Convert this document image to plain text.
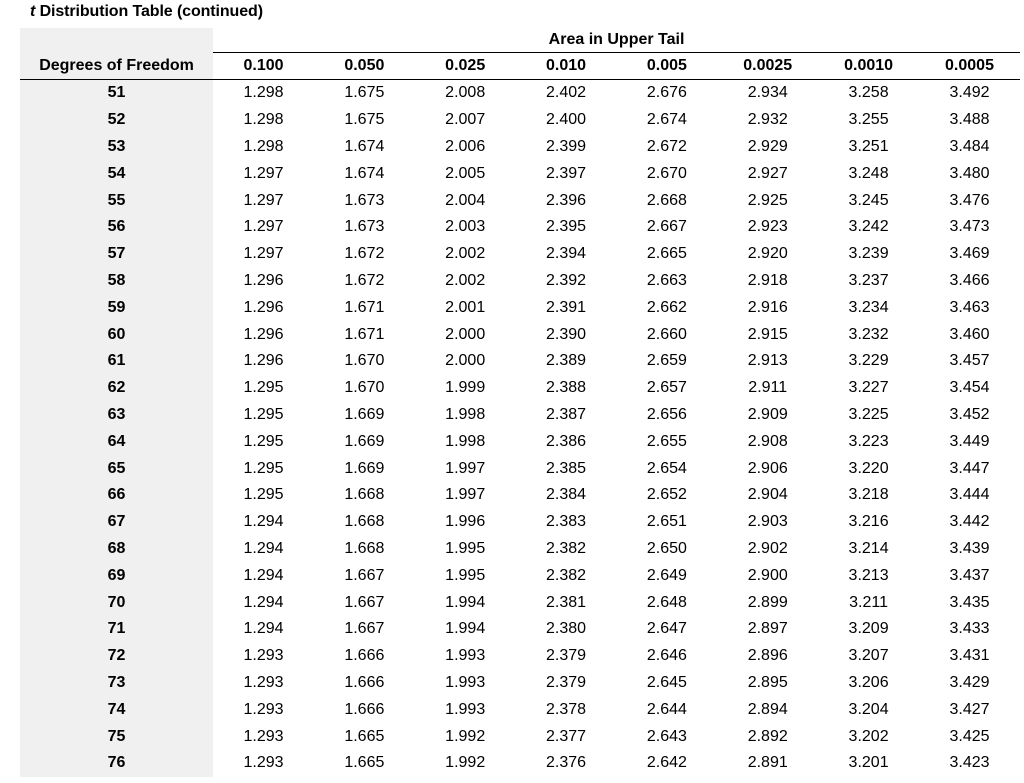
t Distribution Table (continued)
	Area in Upper Tail							
Degrees of Freedom	0.100	0.050	0.025	0.010	0.005	0.0025	0.0010	0.0005
51	1.298	1.675	2.008	2.402	2.676	2.934	3.258	3.492
52	1.298	1.675	2.007	2.400	2.674	2.932	3.255	3.488
53	1.298	1.674	2.006	2.399	2.672	2.929	3.251	3.484
54	1.297	1.674	2.005	2.397	2.670	2.927	3.248	3.480
55	1.297	1.673	2.004	2.396	2.668	2.925	3.245	3.476
56	1.297	1.673	2.003	2.395	2.667	2.923	3.242	3.473
57	1.297	1.672	2.002	2.394	2.665	2.920	3.239	3.469
58	1.296	1.672	2.002	2.392	2.663	2.918	3.237	3.466
59	1.296	1.671	2.001	2.391	2.662	2.916	3.234	3.463
60	1.296	1.671	2.000	2.390	2.660	2.915	3.232	3.460
61	1.296	1.670	2.000	2.389	2.659	2.913	3.229	3.457
62	1.295	1.670	1.999	2.388	2.657	2.911	3.227	3.454
63	1.295	1.669	1.998	2.387	2.656	2.909	3.225	3.452
64	1.295	1.669	1.998	2.386	2.655	2.908	3.223	3.449
65	1.295	1.669	1.997	2.385	2.654	2.906	3.220	3.447
66	1.295	1.668	1.997	2.384	2.652	2.904	3.218	3.444
67	1.294	1.668	1.996	2.383	2.651	2.903	3.216	3.442
68	1.294	1.668	1.995	2.382	2.650	2.902	3.214	3.439
69	1.294	1.667	1.995	2.382	2.649	2.900	3.213	3.437
70	1.294	1.667	1.994	2.381	2.648	2.899	3.211	3.435
71	1.294	1.667	1.994	2.380	2.647	2.897	3.209	3.433
72	1.293	1.666	1.993	2.379	2.646	2.896	3.207	3.431
73	1.293	1.666	1.993	2.379	2.645	2.895	3.206	3.429
74	1.293	1.666	1.993	2.378	2.644	2.894	3.204	3.427
75	1.293	1.665	1.992	2.377	2.643	2.892	3.202	3.425
76	1.293	1.665	1.992	2.376	2.642	2.891	3.201	3.423
